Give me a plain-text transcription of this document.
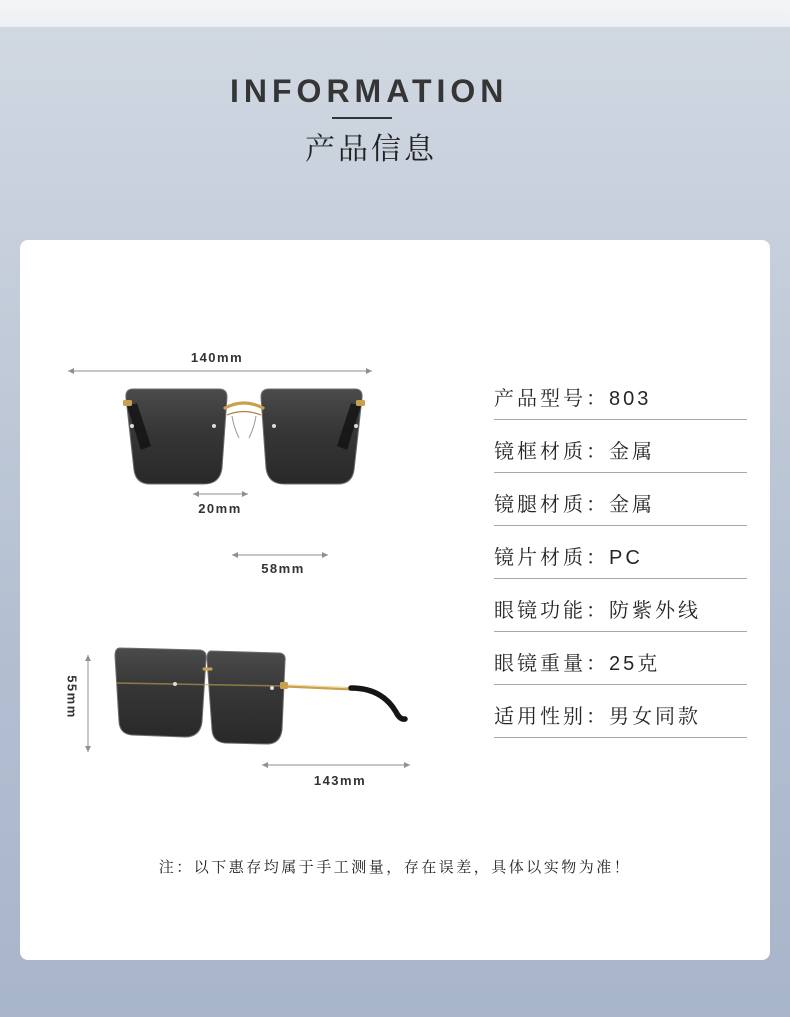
INFORMATION
产品信息
140mm
20mm
58mm
55mm
143mm
产品型号： 803
镜框材质： 金属
镜腿材质： 金属
镜片材质： PC
眼镜功能： 防紫外线
眼镜重量： 25克
适用性别： 男女同款
注：以下惠存均属于手工测量，存在误差，具体以实物为准！
